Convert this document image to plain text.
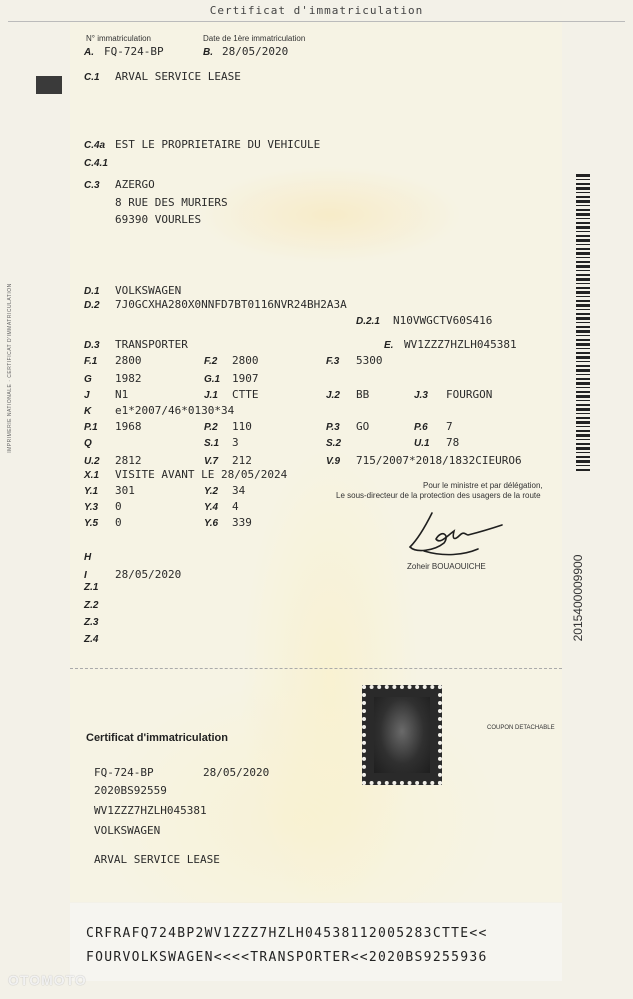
Certificat d'immatriculation
IMPRIMERIE NATIONALE · CERTIFICAT D'IMMATRICULATION
2015400009900
N° immatriculation	Date de 1ère immatriculation
A. FQ-724-BP	B. 28/05/2020
C.1 ARVAL SERVICE LEASE
C.4a EST LE PROPRIETAIRE DU VEHICULE
C.4.1
C.3 AZERGO
8 RUE DES MURIERS
69390 VOURLES
D.1 VOLKSWAGEN
D.2 7J0GCXHA280X0NNFD7BT0116NVR24BH2A3A
D.2.1 N10VWGCTV60S416
D.3 TRANSPORTER	E. WV1ZZZ7HZLH045381
F.1 2800	F.2 2800	F.3 5300
G 1982	G.1 1907
J N1	J.1 CTTE	J.2 BB	J.3 FOURGON
K e1*2007/46*0130*34
P.1 1968	P.2 110	P.3 GO	P.6 7
Q	S.1 3	S.2	U.1 78
U.2 2812	V.7 212	V.9 715/2007*2018/1832CIEURO6
X.1 VISITE AVANT LE 28/05/2024
Y.1 301	Y.2 34
Y.3 0	Y.4 4
Y.5 0	Y.6 339
Pour le ministre et par délégation,
Le sous-directeur de la protection des usagers de la route
Zoheir BOUAOUICHE
H
I	28/05/2020
Z.1
Z.2
Z.3
Z.4
COUPON DETACHABLE
Certificat d'immatriculation
FQ-724-BP	28/05/2020
2020BS92559
WV1ZZZ7HZLH045381
VOLKSWAGEN
ARVAL SERVICE LEASE
CRFRAFQ724BP2WV1ZZZ7HZLH04538112005283CTTE<<
FOURVOLKSWAGEN<<<<TRANSPORTER<<2020BS9255936
OTOMOTO
